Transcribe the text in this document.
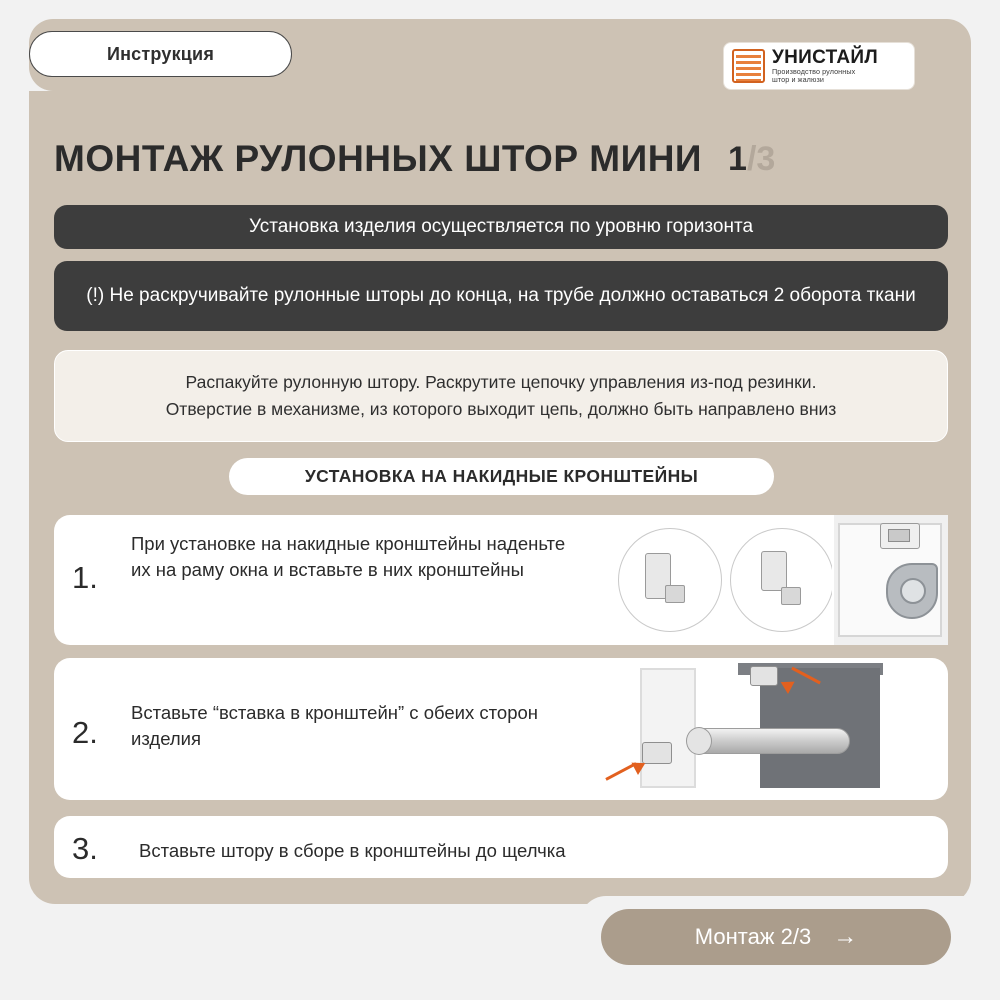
Инструкция	УНИСТАЙЛ
Производство рулонных
штор и жалюзи
МОНТАЖ РУЛОННЫХ ШТОР МИНИ 1/3
Установка изделия осуществляется по уровню горизонта
(!) Не раскручивайте рулонные шторы до конца, на трубе должно оставаться 2 оборота ткани
Распакуйте рулонную штору. Раскрутите цепочку управления из-под резинки.
Отверстие в механизме, из которого выходит цепь, должно быть направлено вниз
УСТАНОВКА НА НАКИДНЫЕ КРОНШТЕЙНЫ
1.
При установке на накидные кронштейны наденьте их на раму окна и вставьте в них кронштейны
2.
Вставьте “вставка в кронштейн” с обеих сторон изделия
3. Вставьте штору в сборе в кронштейны до щелчка
Монтаж 2/3 →
